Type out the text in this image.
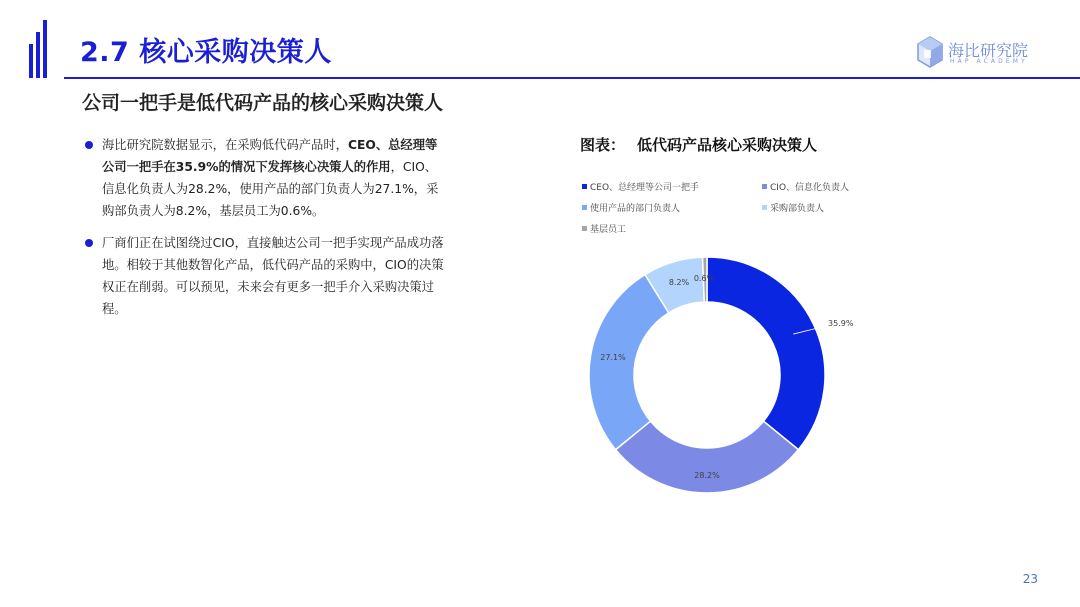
2.7 核心采购决策人	海比研究院
HAP ACADEMY
公司一把手是低代码产品的核心采购决策人
海比研究院数据显示，在采购低代码产品时，CEO、总经理等公司一把手在35.9%的情况下发挥核心决策人的作用，CIO、信息化负责人为28.2%，使用产品的部门负责人为27.1%，采购部负责人为8.2%，基层员工为0.6%。
厂商们正在试图绕过CIO，直接触达公司一把手实现产品成功落地。相较于其他数智化产品，低代码产品的采购中，CIO的决策权正在削弱。可以预见，未来会有更多一把手介入采购决策过程。
图表： 低代码产品核心采购决策人
CEO、总经理等公司一把手	CIO、信息化负责人
使用产品的部门负责人	采购部负责人
基层员工
35.9%
28.2%
27.1%
8.2% 0.6%
23
